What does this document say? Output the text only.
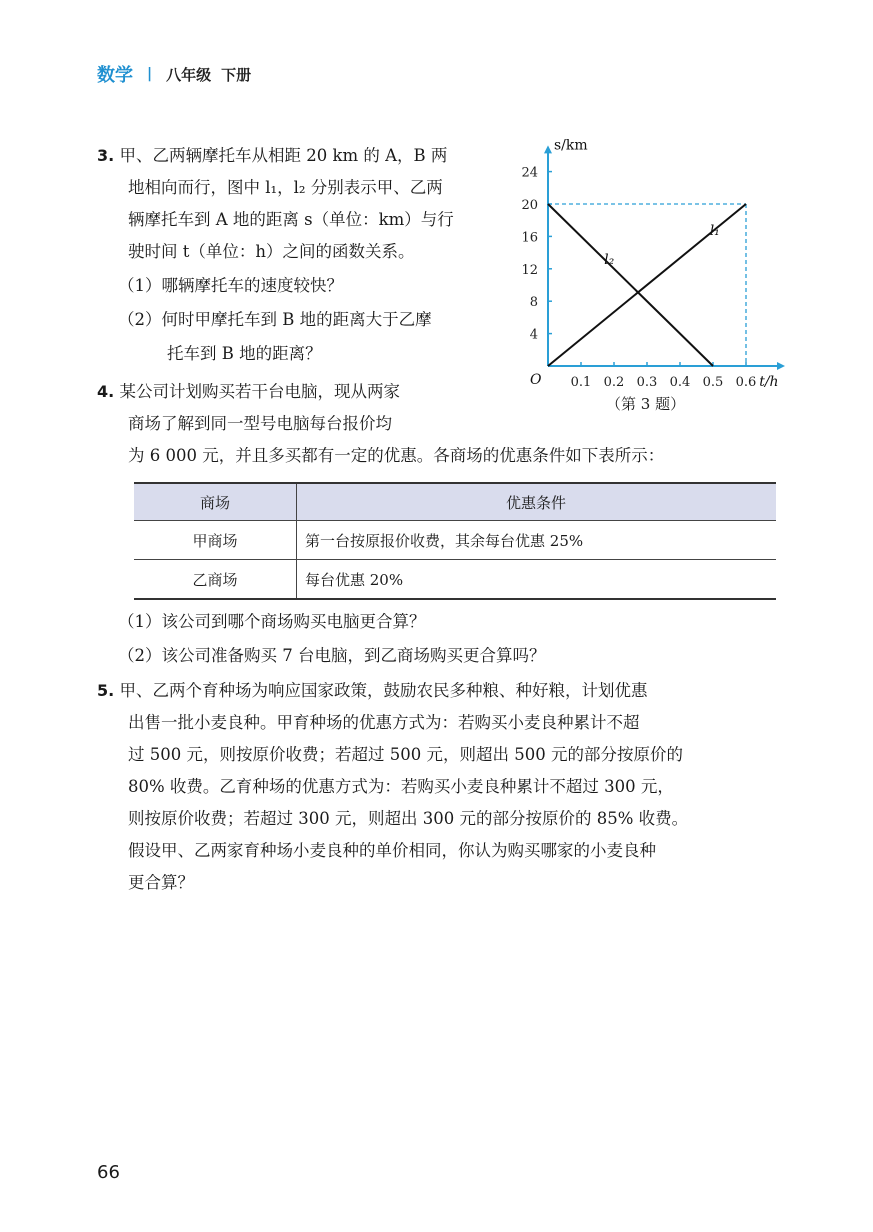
数学 | 八年级 下册
3. 甲、乙两辆摩托车从相距 20 km 的 A，B 两
地相向而行，图中 l₁，l₂ 分别表示甲、乙两
辆摩托车到 A 地的距离 s（单位：km）与行
驶时间 t（单位：h）之间的函数关系。
（1）哪辆摩托车的速度较快？
（2）何时甲摩托车到 B 地的距离大于乙摩
托车到 B 地的距离？
0.1 0.2 0.3 0.4 0.5 0.6
4
8
12
16
20
24
l₁
l₂
s/km
t/h
O
（第 3 题）
4. 某公司计划购买若干台电脑，现从两家
商场了解到同一型号电脑每台报价均
为 6 000 元，并且多买都有一定的优惠。各商场的优惠条件如下表所示：
商场	优惠条件
甲商场	第一台按原报价收费，其余每台优惠 25%
乙商场	每台优惠 20%
（1）该公司到哪个商场购买电脑更合算？
（2）该公司准备购买 7 台电脑，到乙商场购买更合算吗？
5. 甲、乙两个育种场为响应国家政策，鼓励农民多种粮、种好粮，计划优惠
出售一批小麦良种。甲育种场的优惠方式为：若购买小麦良种累计不超
过 500 元，则按原价收费；若超过 500 元，则超出 500 元的部分按原价的
80% 收费。乙育种场的优惠方式为：若购买小麦良种累计不超过 300 元，
则按原价收费；若超过 300 元，则超出 300 元的部分按原价的 85% 收费。
假设甲、乙两家育种场小麦良种的单价相同，你认为购买哪家的小麦良种
更合算？
66
